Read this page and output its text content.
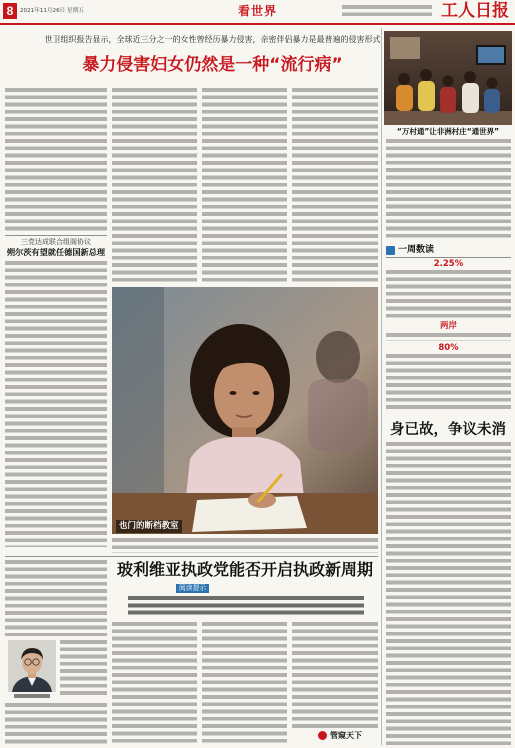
8	2021年11月26日 星期五	看世界	工人日报
世卫组织报告显示，全球近三分之一的女性曾经历暴力侵害，亲密伴侣暴力是最普遍的侵害形式
暴力侵害妇女仍然是一种“流行病”
三党达成联合组阁协议
朔尔茨有望就任德国新总理
也门的断档教室
玻利维亚执政党能否开启执政新周期
阅读提示
管窥天下
“万村通”让非洲村庄“通世界”
一周数读
2.25%
两岸
80%
身已故，争议未消
